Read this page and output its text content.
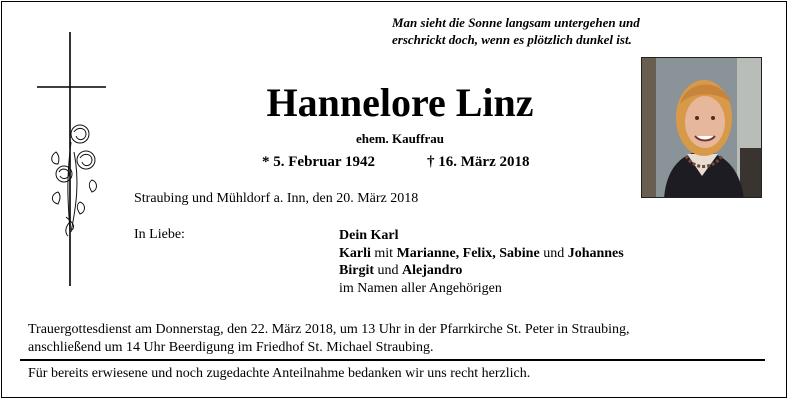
Man sieht die Sonne langsam untergehen und
erschrickt doch, wenn es plötzlich dunkel ist.
Hannelore Linz
ehem. Kauffrau
* 5. Februar 1942	† 16. März 2018
Straubing und Mühldorf a. Inn, den 20. März 2018
In Liebe:	Dein Karl
Karli mit Marianne, Felix, Sabine und Johannes
Birgit und Alejandro
im Namen aller Angehörigen
Trauergottesdienst am Donnerstag, den 22. März 2018, um 13 Uhr in der Pfarrkirche St. Peter in Straubing,
anschließend um 14 Uhr Beerdigung im Friedhof St. Michael Straubing.
Für bereits erwiesene und noch zugedachte Anteilnahme bedanken wir uns recht herzlich.
